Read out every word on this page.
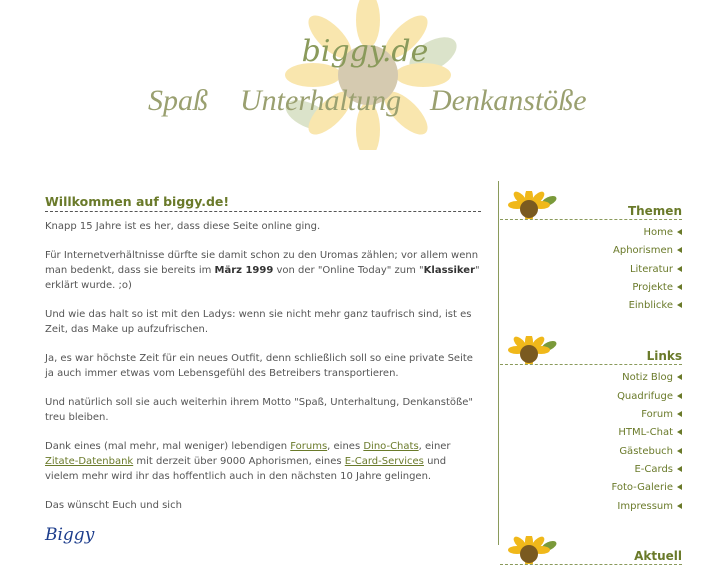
biggy.de
Spaß Unterhaltung Denkanstöße
Willkommen auf biggy.de!

Knapp 15 Jahre ist es her, dass diese Seite online ging.

Für Internetverhältnisse dürfte sie damit schon zu den Uromas zählen; vor allem wenn man bedenkt, dass sie bereits im März 1999 von der "Online Today" zum "Klassiker" erklärt wurde. ;o)

Und wie das halt so ist mit den Ladys: wenn sie nicht mehr ganz taufrisch sind, ist es Zeit, das Make up aufzufrischen.

Ja, es war höchste Zeit für ein neues Outfit, denn schließlich soll so eine private Seite ja auch immer etwas vom Lebensgefühl des Betreibers transportieren.

Und natürlich soll sie auch weiterhin ihrem Motto "Spaß, Unterhaltung, Denkanstöße" treu bleiben.

Dank eines (mal mehr, mal weniger) lebendigen Forums, eines Dino-Chats, einer Zitate-Datenbank mit derzeit über 9000 Aphorismen, eines E-Card-Services und vielem mehr wird ihr das hoffentlich auch in den nächsten 10 Jahre gelingen.

Das wünscht Euch und sich

Biggy
Themen
Home
Aphorismen
Literatur
Projekte
Einblicke
Links
Notiz Blog
Quadrifuge
Forum
HTML-Chat
Gästebuch
E-Cards
Foto-Galerie
Impressum
Aktuell
